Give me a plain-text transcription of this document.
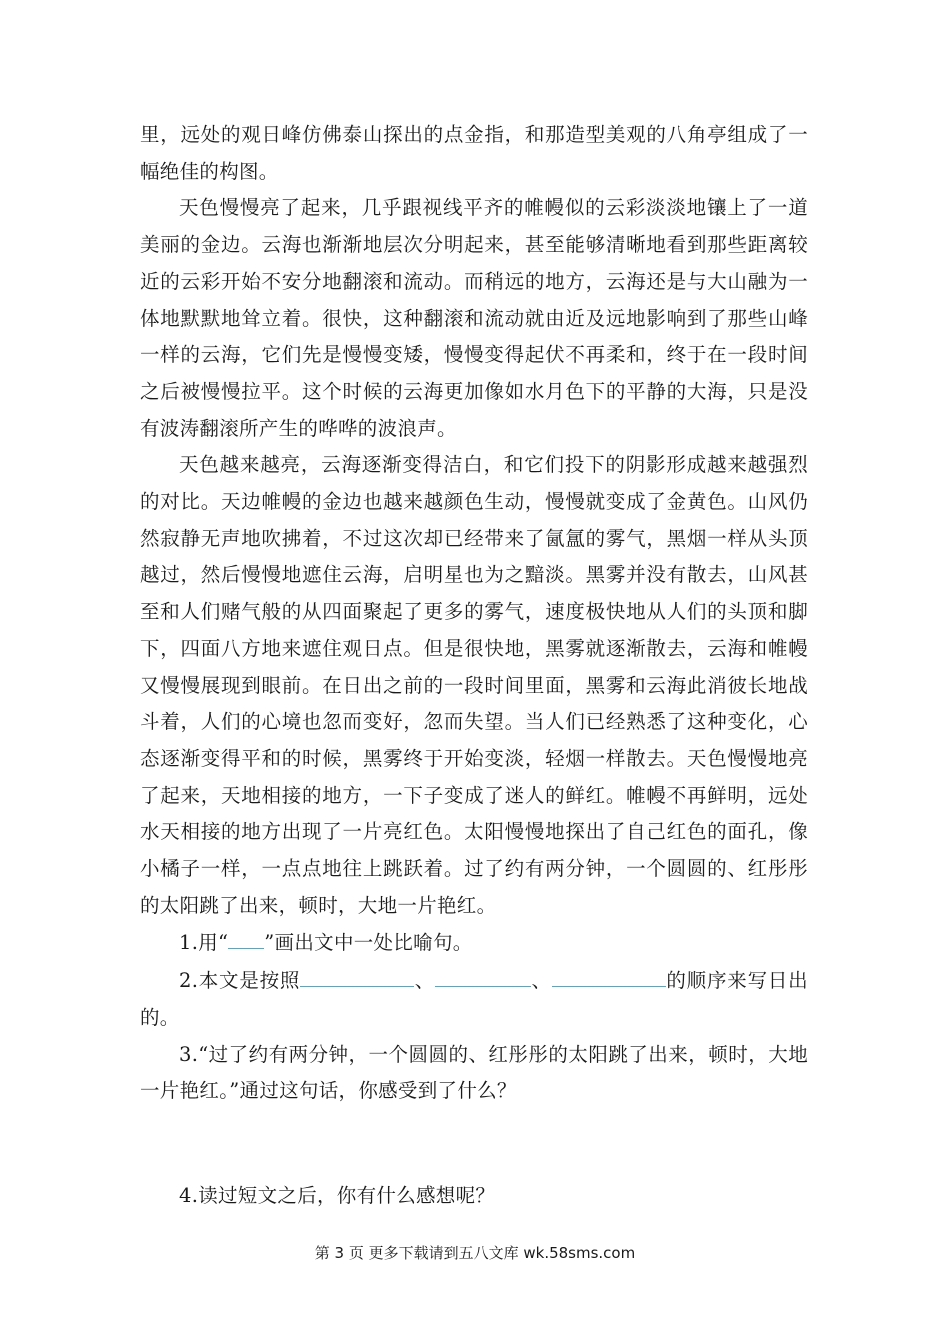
里，远处的观日峰仿佛泰山探出的点金指，和那造型美观的八角亭组成了一幅绝佳的构图。

天色慢慢亮了起来，几乎跟视线平齐的帷幔似的云彩淡淡地镶上了一道美丽的金边。云海也渐渐地层次分明起来，甚至能够清晰地看到那些距离较近的云彩开始不安分地翻滚和流动。而稍远的地方，云海还是与大山融为一体地默默地耸立着。很快，这种翻滚和流动就由近及远地影响到了那些山峰一样的云海，它们先是慢慢变矮，慢慢变得起伏不再柔和，终于在一段时间之后被慢慢拉平。这个时候的云海更加像如水月色下的平静的大海，只是没有波涛翻滚所产生的哗哗的波浪声。

天色越来越亮，云海逐渐变得洁白，和它们投下的阴影形成越来越强烈的对比。天边帷幔的金边也越来越颜色生动，慢慢就变成了金黄色。山风仍然寂静无声地吹拂着，不过这次却已经带来了氤氲的雾气，黑烟一样从头顶越过，然后慢慢地遮住云海，启明星也为之黯淡。黑雾并没有散去，山风甚至和人们赌气般的从四面聚起了更多的雾气，速度极快地从人们的头顶和脚下，四面八方地来遮住观日点。但是很快地，黑雾就逐渐散去，云海和帷幔又慢慢展现到眼前。在日出之前的一段时间里面，黑雾和云海此消彼长地战斗着，人们的心境也忽而变好，忽而失望。当人们已经熟悉了这种变化，心态逐渐变得平和的时候，黑雾终于开始变淡，轻烟一样散去。天色慢慢地亮了起来，天地相接的地方，一下子变成了迷人的鲜红。帷幔不再鲜明，远处水天相接的地方出现了一片亮红色。太阳慢慢地探出了自己红色的面孔，像小橘子一样，一点点地往上跳跃着。过了约有两分钟，一个圆圆的、红彤彤的太阳跳了出来，顿时，大地一片艳红。

1.用“ ”画出文中一处比喻句。

2.本文是按照	、	、	的顺序来写日出的。

3.“过了约有两分钟，一个圆圆的、红彤彤的太阳跳了出来，顿时，大地一片艳红。”通过这句话，你感受到了什么？

4.读过短文之后，你有什么感想呢？

第 3 页 更多下载请到五八文库 wk.58sms.com
